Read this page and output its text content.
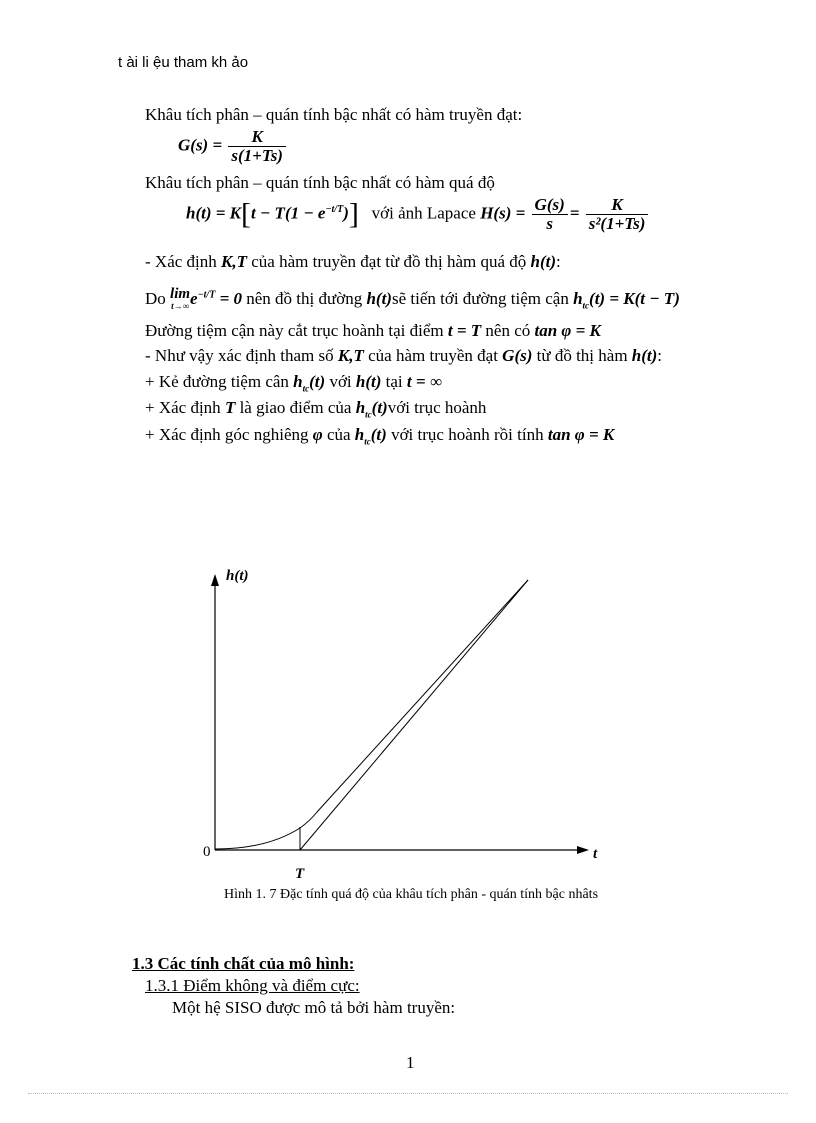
t ài li ệu tham kh ảo
Khâu tích phân – quán tính bậc nhất có hàm truyền đạt:
$G(s) = \frac{K}{s(1+Ts)}$
Khâu tích phân – quán tính bậc nhất có hàm quá độ
$h(t) = K[t - T(1 - e^{-t/T})]$ với ảnh Lapace $H(s) = \frac{G(s)}{s} = \frac{K}{\text{s²(1+Ts)}}$
- Xác định K,T của hàm truyền đạt từ đồ thị hàm quá độ h(t):
Do lim
t→∞ $e^{-t/T} = 0$ nên đồ thị đường h(t)sẽ tiến tới đường tiệm cận $h_{tc}(t) = K(t - T)$
Đường tiệm cận này cắt trục hoành tại điểm t = T nên có tan φ = K
- Như vậy xác định tham số K,T của hàm truyền đạt G(s) từ đồ thị hàm h(t):
+ Kẻ đường tiệm cân $h_{tc}(t)$ với h(t) tại t = ∞
+ Xác định T là giao điểm của $h_{tc}(t)với$ trục hoành
+ Xác định góc nghiêng φ của $h_{tc}(t)$ với trục hoành rồi tính tan φ = K
h(t)
t
0
T
Hình 1. 7 Đặc tính quá độ của khâu tích phân - quán tính bậc nhâts
1.3 Các tính chất của mô hình:
1.3.1 Điểm không và điểm cực:
Một hệ SISO được mô tả bởi hàm truyền:
1
